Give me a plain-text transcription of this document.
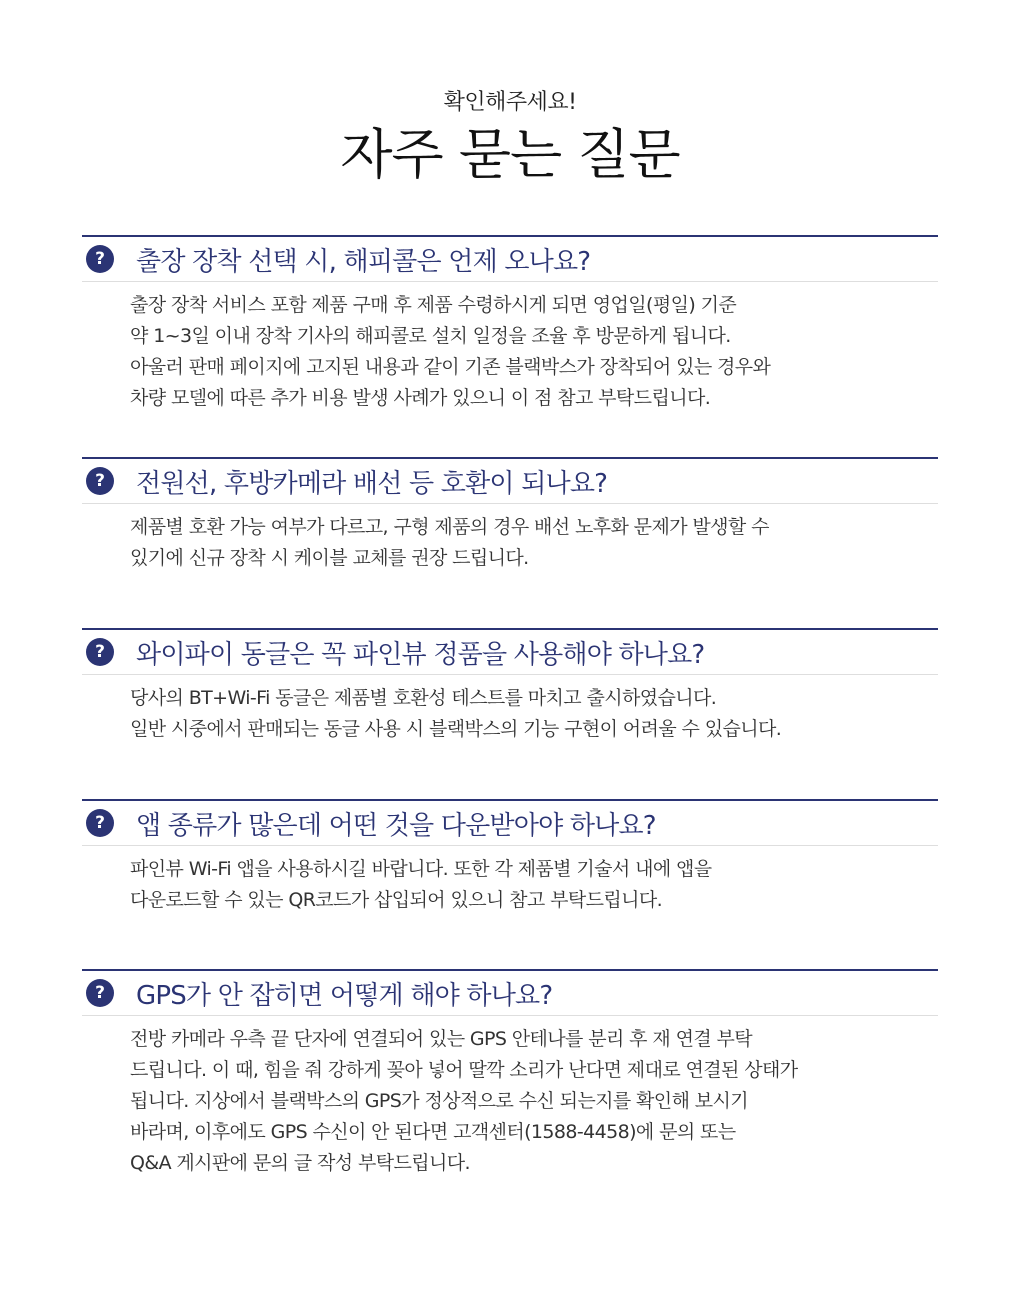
확인해주세요!
자주 묻는 질문
?	출장 장착 선택 시, 해피콜은 언제 오나요?
출장 장착 서비스 포함 제품 구매 후 제품 수령하시게 되면 영업일(평일) 기준
약 1~3일 이내 장착 기사의 해피콜로 설치 일정을 조율 후 방문하게 됩니다.
아울러 판매 페이지에 고지된 내용과 같이 기존 블랙박스가 장착되어 있는 경우와
차량 모델에 따른 추가 비용 발생 사례가 있으니 이 점 참고 부탁드립니다.
?	전원선, 후방카메라 배선 등 호환이 되나요?
제품별 호환 가능 여부가 다르고, 구형 제품의 경우 배선 노후화 문제가 발생할 수
있기에 신규 장착 시 케이블 교체를 권장 드립니다.
?	와이파이 동글은 꼭 파인뷰 정품을 사용해야 하나요?
당사의 BT+Wi-Fi 동글은 제품별 호환성 테스트를 마치고 출시하였습니다.
일반 시중에서 판매되는 동글 사용 시 블랙박스의 기능 구현이 어려울 수 있습니다.
?	앱 종류가 많은데 어떤 것을 다운받아야 하나요?
파인뷰 Wi-Fi 앱을 사용하시길 바랍니다. 또한 각 제품별 기술서 내에 앱을
다운로드할 수 있는 QR코드가 삽입되어 있으니 참고 부탁드립니다.
?	GPS가 안 잡히면 어떻게 해야 하나요?
전방 카메라 우측 끝 단자에 연결되어 있는 GPS 안테나를 분리 후 재 연결 부탁
드립니다. 이 때, 힘을 줘 강하게 꽂아 넣어 딸깍 소리가 난다면 제대로 연결된 상태가
됩니다. 지상에서 블랙박스의 GPS가 정상적으로 수신 되는지를 확인해 보시기
바라며, 이후에도 GPS 수신이 안 된다면 고객센터(1588-4458)에 문의 또는
Q&A 게시판에 문의 글 작성 부탁드립니다.
